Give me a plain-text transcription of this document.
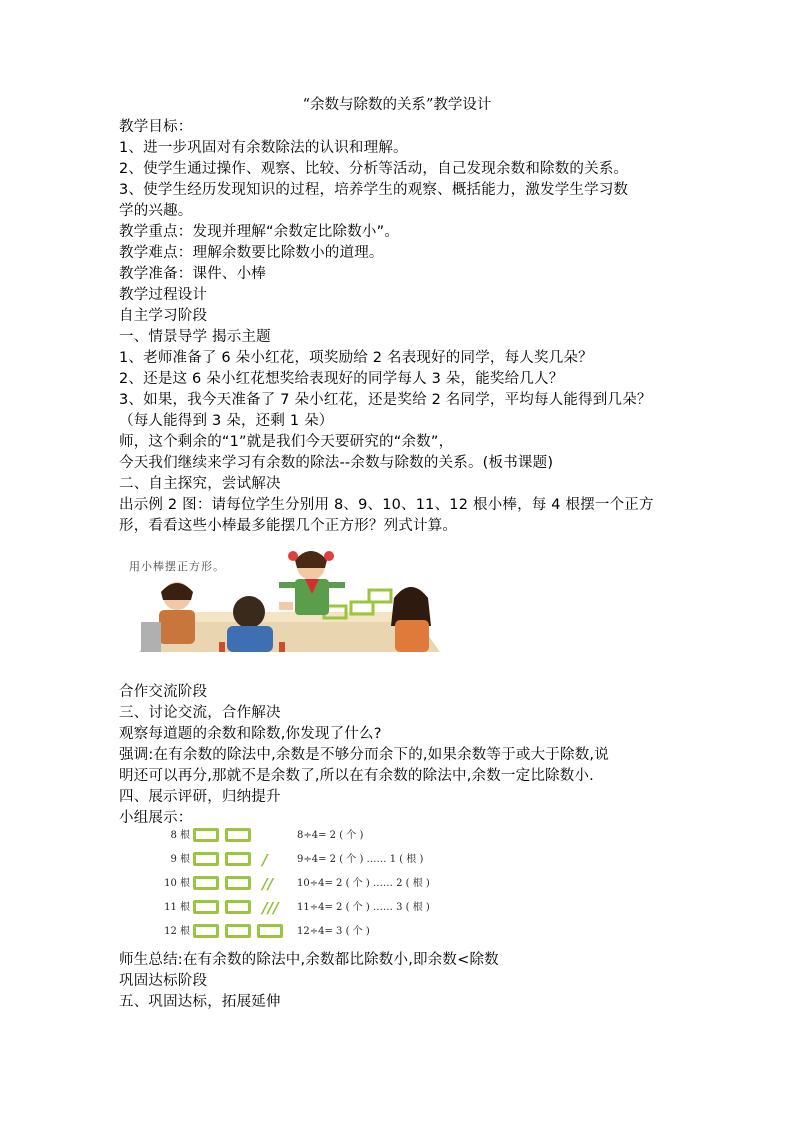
“余数与除数的关系”教学设计
教学目标：
1、进一步巩固对有余数除法的认识和理解。
2、使学生通过操作、观察、比较、分析等活动，自己发现余数和除数的关系。
3、使学生经历发现知识的过程，培养学生的观察、概括能力，激发学生学习数
学的兴趣。
教学重点：发现并理解“余数定比除数小”。
教学难点：理解余数要比除数小的道理。
教学准备：课件、小棒
教学过程设计
自主学习阶段
一、情景导学 揭示主题
1、老师准备了 6 朵小红花，项奖励给 2 名表现好的同学，每人奖几朵？
2、还是这 6 朵小红花想奖给表现好的同学每人 3 朵，能奖给几人？
3、如果，我今天准备了 7 朵小红花，还是奖给 2 名同学，平均每人能得到几朵？
（每人能得到 3 朵，还剩 1 朵）
师，这个剩余的“1”就是我们今天要研究的“余数”，
今天我们继续来学习有余数的除法--余数与除数的关系。(板书课题)
二、自主探究，尝试解决
出示例 2 图：请每位学生分别用 8、9、10、11、12 根小棒，每 4 根摆一个正方
形，看看这些小棒最多能摆几个正方形？列式计算。
用小棒摆正方形。
合作交流阶段
三、讨论交流，合作解决
观察每道题的余数和除数,你发现了什么?
强调:在有余数的除法中,余数是不够分而余下的,如果余数等于或大于除数,说
明还可以再分,那就不是余数了,所以在有余数的除法中,余数一定比除数小.
四、展示评研，归纳提升
小组展示：
8 根	8÷4= 2 ( 个 )
9 根	/	9÷4= 2 ( 个 ) …… 1 ( 根 )
10 根	// 10÷4= 2 ( 个 ) …… 2 ( 根 )
11 根	/// 11÷4= 2 ( 个 ) …… 3 ( 根 )
12 根	12÷4= 3 ( 个 )
师生总结:在有余数的除法中,余数都比除数小,即余数<除数
巩固达标阶段
五、巩固达标，拓展延伸
